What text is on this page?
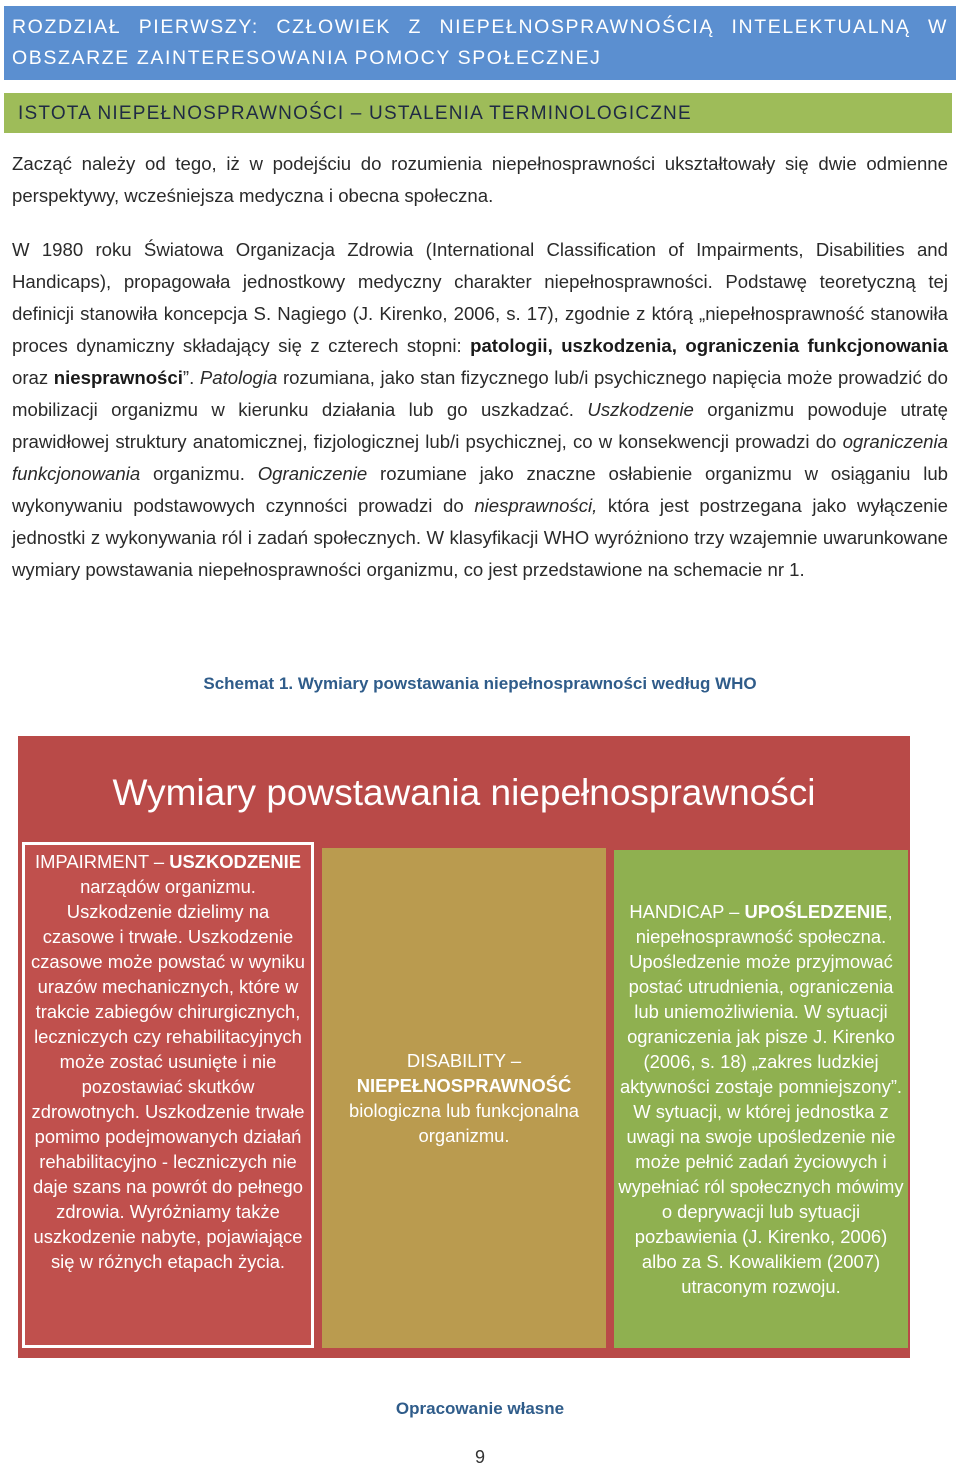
ROZDZIAŁ PIERWSZY: CZŁOWIEK Z NIEPEŁNOSPRAWNOŚCIĄ INTELEKTUALNĄ W OBSZARZE ZAINTERESOWANIA POMOCY SPOŁECZNEJ
ISTOTA NIEPEŁNOSPRAWNOŚCI – USTALENIA TERMINOLOGICZNE

Zacząć należy od tego, iż w podejściu do rozumienia niepełnosprawności ukształtowały się dwie odmienne perspektywy, wcześniejsza medyczna i obecna społeczna.

W 1980 roku Światowa Organizacja Zdrowia (International Classification of Impairments, Disabilities and Handicaps), propagowała jednostkowy medyczny charakter niepełnosprawności. Podstawę teoretyczną tej definicji stanowiła koncepcja S. Nagiego (J. Kirenko, 2006, s. 17), zgodnie z którą „niepełnosprawność stanowiła proces dynamiczny składający się z czterech stopni: patologii, uszkodzenia, ograniczenia funkcjonowania oraz niesprawności”. Patologia rozumiana, jako stan fizycznego lub/i psychicznego napięcia może prowadzić do mobilizacji organizmu w kierunku działania lub go uszkadzać. Uszkodzenie organizmu powoduje utratę prawidłowej struktury anatomicznej, fizjologicznej lub/i psychicznej, co w konsekwencji prowadzi do ograniczenia funkcjonowania organizmu. Ograniczenie rozumiane jako znaczne osłabienie organizmu w osiąganiu lub wykonywaniu podstawowych czynności prowadzi do niesprawności, która jest postrzegana jako wyłączenie jednostki z wykonywania ról i zadań społecznych. W klasyfikacji WHO wyróżniono trzy wzajemnie uwarunkowane wymiary powstawania niepełnosprawności organizmu, co jest przedstawione na schemacie nr 1.

Schemat 1. Wymiary powstawania niepełnosprawności według WHO
Wymiary powstawania niepełnosprawności
IMPAIRMENT – USZKODZENIE narządów organizmu. Uszkodzenie dzielimy na czasowe i trwałe. Uszkodzenie czasowe może powstać w wyniku urazów mechanicznych, które w trakcie zabiegów chirurgicznych, leczniczych czy rehabilitacyjnych może zostać usunięte i nie pozostawiać skutków zdrowotnych. Uszkodzenie trwałe pomimo podejmowanych działań rehabilitacyjno - leczniczych nie daje szans na powrót do pełnego zdrowia. Wyróżniamy także uszkodzenie nabyte, pojawiające się w różnych etapach życia.
DISABILITY –
NIEPEŁNOSPRAWNOŚĆ
biologiczna lub funkcjonalna organizmu.
HANDICAP – UPOŚLEDZENIE, niepełnosprawność społeczna. Upośledzenie może przyjmować postać utrudnienia, ograniczenia lub uniemożliwienia. W sytuacji ograniczenia jak pisze J. Kirenko (2006, s. 18) „zakres ludzkiej aktywności zostaje pomniejszony”. W sytuacji, w której jednostka z uwagi na swoje upośledzenie nie może pełnić zadań życiowych i wypełniać ról społecznych mówimy o deprywacji lub sytuacji pozbawienia (J. Kirenko, 2006) albo za S. Kowalikiem (2007) utraconym rozwoju.
Opracowanie własne
9
